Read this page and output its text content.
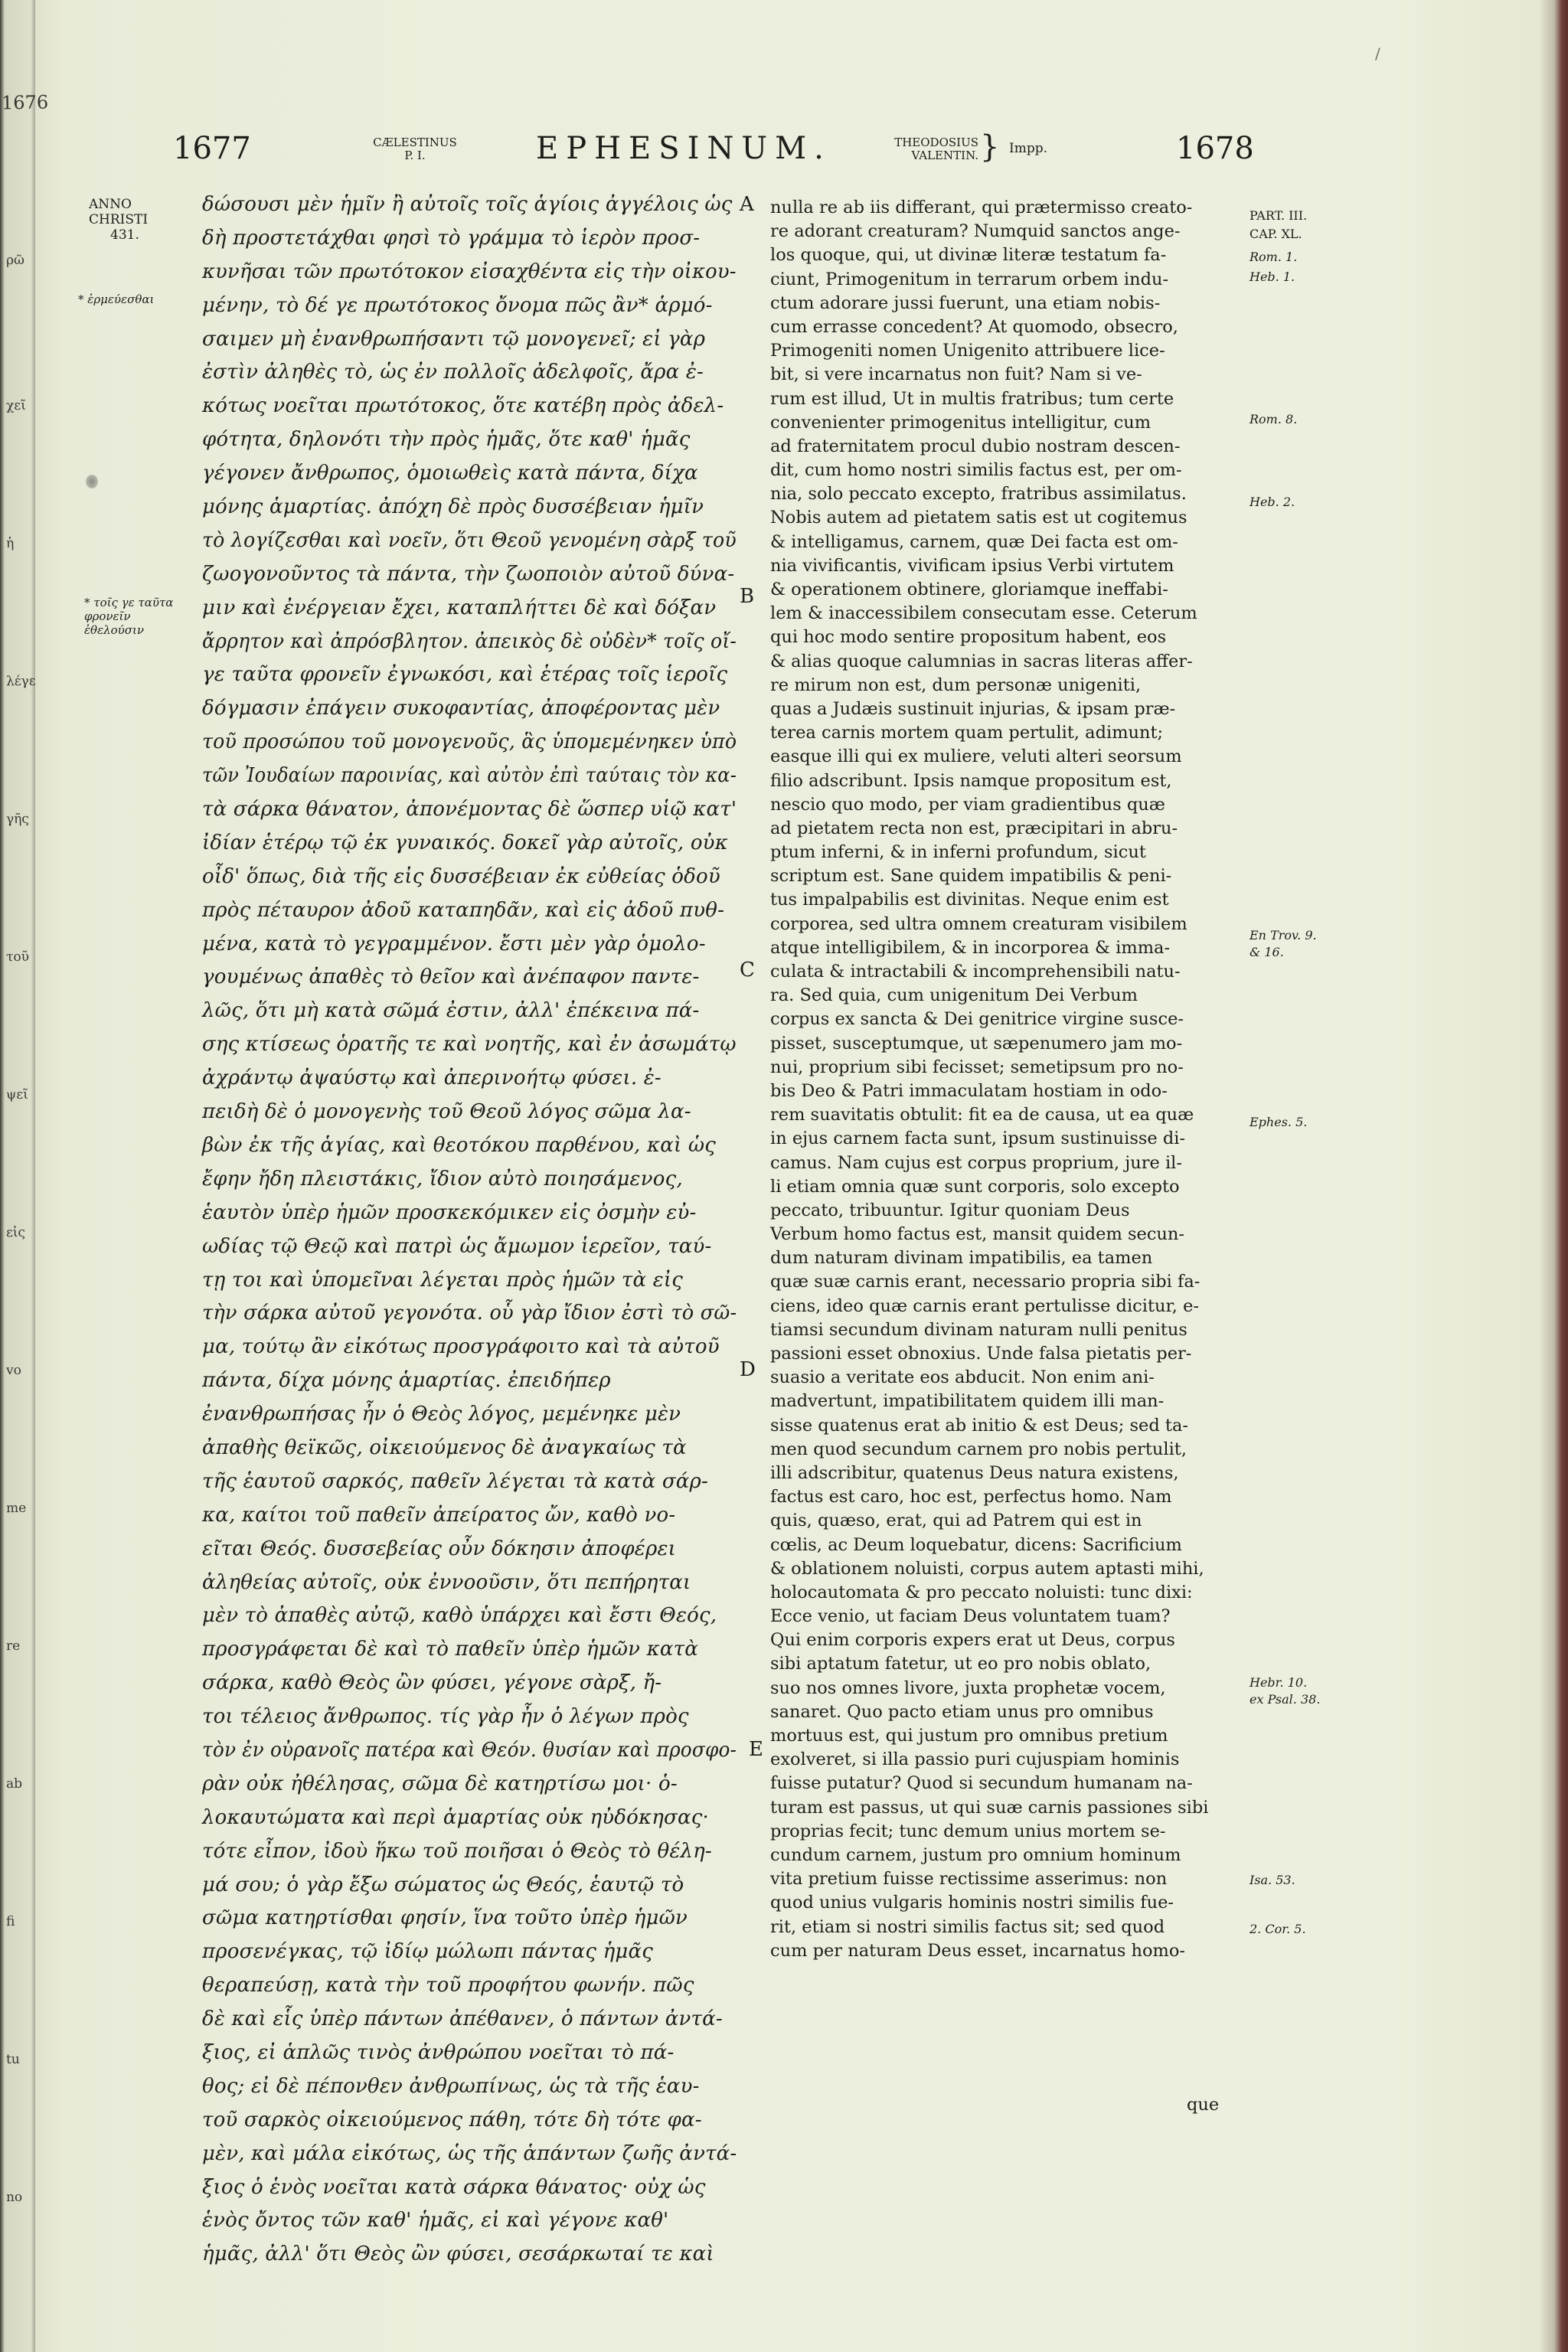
1676
ρῶ
χεῖ
ἡ
λέγε
γῆς
τοῦ
ψεῖ
εἰς
vo
me
re
ab
fi
tu
no
/
1677	CÆLESTINUS
P. I.	EPHESINUM.	THEODOSIUS
VALENTIN. } Impp.	1678
ANNO
CHRISTI
431.
* ἑρμεύεσθαι
* τοῖς γε ταῦτα φρονεῖν ἐθελούσιν
δώσουσι μὲν ἡμῖν ἢ αὐτοῖς τοῖς ἁγίοις ἀγγέλοις ὡς
δὴ προστετάχθαι φησὶ τὸ γράμμα τὸ ἱερὸν προσ-
κυνῆσαι τῶν πρωτότοκον εἰσαχθέντα εἰς τὴν οἰκου-
μένην, τὸ δέ γε πρωτότοκος ὄνομα πῶς ἂν* ἁρμό-
σαιμεν μὴ ἐνανθρωπήσαντι τῷ μονογενεῖ; εἰ γὰρ
ἐστὶν ἀληθὲς τὸ, ὡς ἐν πολλοῖς ἀδελφοῖς, ἄρα ἐ-
κότως νοεῖται πρωτότοκος, ὅτε κατέβη πρὸς ἀδελ-
φότητα, δηλονότι τὴν πρὸς ἡμᾶς, ὅτε καθ' ἡμᾶς
γέγονεν ἄνθρωπος, ὁμοιωθεὶς κατὰ πάντα, δίχα
μόνης ἁμαρτίας. ἀπόχη δὲ πρὸς δυσσέβειαν ἡμῖν
τὸ λογίζεσθαι καὶ νοεῖν, ὅτι Θεοῦ γενομένη σὰρξ τοῦ
ζωογονοῦντος τὰ πάντα, τὴν ζωοποιὸν αὐτοῦ δύνα-
μιν καὶ ἐνέργειαν ἔχει, καταπλήττει δὲ καὶ δόξαν
ἄρρητον καὶ ἀπρόσβλητον. ἀπεικὸς δὲ οὐδὲν* τοῖς οἴ-
γε ταῦτα φρονεῖν ἐγνωκόσι, καὶ ἑτέρας τοῖς ἱεροῖς
δόγμασιν ἐπάγειν συκοφαντίας, ἀποφέροντας μὲν
τοῦ προσώπου τοῦ μονογενοῦς, ἃς ὑπομεμένηκεν ὑπὸ
τῶν Ἰουδαίων παροινίας, καὶ αὐτὸν ἐπὶ ταύταις τὸν κα-
τὰ σάρκα θάνατον, ἀπονέμοντας δὲ ὥσπερ υἱῷ κατ'
ἰδίαν ἑτέρῳ τῷ ἐκ γυναικός. δοκεῖ γὰρ αὐτοῖς, οὐκ
οἶδ' ὅπως, διὰ τῆς εἰς δυσσέβειαν ἐκ εὐθείας ὁδοῦ
πρὸς πέταυρον ἀδοῦ καταπηδᾶν, καὶ εἰς ἀδοῦ πυθ-
μένα, κατὰ τὸ γεγραμμένον. ἔστι μὲν γὰρ ὁμολο-
γουμένως ἀπαθὲς τὸ θεῖον καὶ ἀνέπαφον παντε-
λῶς, ὅτι μὴ κατὰ σῶμά ἐστιν, ἀλλ' ἐπέκεινα πά-
σης κτίσεως ὁρατῆς τε καὶ νοητῆς, καὶ ἐν ἀσωμάτῳ
ἀχράντῳ ἀψαύστῳ καὶ ἀπερινοήτῳ φύσει. ἐ-
πειδὴ δὲ ὁ μονογενὴς τοῦ Θεοῦ λόγος σῶμα λα-
βὼν ἐκ τῆς ἁγίας, καὶ θεοτόκου παρθένου, καὶ ὡς
ἔφην ἤδη πλειστάκις, ἴδιον αὐτὸ ποιησάμενος,
ἑαυτὸν ὑπὲρ ἡμῶν προσκεκόμικεν εἰς ὀσμὴν εὐ-
ωδίας τῷ Θεῷ καὶ πατρὶ ὡς ἄμωμον ἱερεῖον, ταύ-
τῃ τοι καὶ ὑπομεῖναι λέγεται πρὸς ἡμῶν τὰ εἰς
τὴν σάρκα αὐτοῦ γεγονότα. οὗ γὰρ ἴδιον ἐστὶ τὸ σῶ-
μα, τούτῳ ἂν εἰκότως προσγράφοιτο καὶ τὰ αὐτοῦ
πάντα, δίχα μόνης ἁμαρτίας. ἐπειδήπερ
ἐνανθρωπήσας ἦν ὁ Θεὸς λόγος, μεμένηκε μὲν
ἀπαθὴς θεϊκῶς, οἰκειούμενος δὲ ἀναγκαίως τὰ
τῆς ἑαυτοῦ σαρκός, παθεῖν λέγεται τὰ κατὰ σάρ-
κα, καίτοι τοῦ παθεῖν ἀπείρατος ὤν, καθὸ νο-
εῖται Θεός. δυσσεβείας οὖν δόκησιν ἀποφέρει
ἀληθείας αὐτοῖς, οὐκ ἐννοοῦσιν, ὅτι πεπήρηται
μὲν τὸ ἀπαθὲς αὐτῷ, καθὸ ὑπάρχει καὶ ἔστι Θεός,
προσγράφεται δὲ καὶ τὸ παθεῖν ὑπὲρ ἡμῶν κατὰ
σάρκα, καθὸ Θεὸς ὢν φύσει, γέγονε σὰρξ, ἤ-
τοι τέλειος ἄνθρωπος. τίς γὰρ ἦν ὁ λέγων πρὸς
τὸν ἐν οὐρανοῖς πατέρα καὶ Θεόν. θυσίαν καὶ προσφο-
ρὰν οὐκ ἠθέλησας, σῶμα δὲ κατηρτίσω μοι· ὁ-
λοκαυτώματα καὶ περὶ ἁμαρτίας οὐκ ηὐδόκησας·
τότε εἶπον, ἰδοὺ ἥκω τοῦ ποιῆσαι ὁ Θεὸς τὸ θέλη-
μά σου; ὁ γὰρ ἔξω σώματος ὡς Θεός, ἑαυτῷ τὸ
σῶμα κατηρτίσθαι φησίν, ἵνα τοῦτο ὑπὲρ ἡμῶν
προσενέγκας, τῷ ἰδίῳ μώλωπι πάντας ἡμᾶς
θεραπεύσῃ, κατὰ τὴν τοῦ προφήτου φωνήν. πῶς
δὲ καὶ εἷς ὑπὲρ πάντων ἀπέθανεν, ὁ πάντων ἀντά-
ξιος, εἰ ἁπλῶς τινὸς ἀνθρώπου νοεῖται τὸ πά-
θος; εἰ δὲ πέπονθεν ἀνθρωπίνως, ὡς τὰ τῆς ἑαυ-
τοῦ σαρκὸς οἰκειούμενος πάθη, τότε δὴ τότε φα-
μὲν, καὶ μάλα εἰκότως, ὡς τῆς ἁπάντων ζωῆς ἀντά-
ξιος ὁ ἑνὸς νοεῖται κατὰ σάρκα θάνατος· οὐχ ὡς
ἑνὸς ὄντος τῶν καθ' ἡμᾶς, εἰ καὶ γέγονε καθ'
ἡμᾶς, ἀλλ' ὅτι Θεὸς ὢν φύσει, σεσάρκωταί τε καὶ
A
B
C
D
E
nulla re ab iis differant, qui prætermisso creato-
re adorant creaturam? Numquid sanctos ange-
los quoque, qui, ut divinæ literæ testatum fa-
ciunt, Primogenitum in terrarum orbem indu-
ctum adorare jussi fuerunt, una etiam nobis-
cum errasse concedent? At quomodo, obsecro,
Primogeniti nomen Unigenito attribuere lice-
bit, si vere incarnatus non fuit? Nam si ve-
rum est illud, Ut in multis fratribus; tum certe
convenienter primogenitus intelligitur, cum
ad fraternitatem procul dubio nostram descen-
dit, cum homo nostri similis factus est, per om-
nia, solo peccato excepto, fratribus assimilatus.
Nobis autem ad pietatem satis est ut cogitemus
& intelligamus, carnem, quæ Dei facta est om-
nia vivificantis, vivificam ipsius Verbi virtutem
& operationem obtinere, gloriamque ineffabi-
lem & inaccessibilem consecutam esse. Ceterum
qui hoc modo sentire propositum habent, eos
& alias quoque calumnias in sacras literas affer-
re mirum non est, dum personæ unigeniti,
quas a Judæis sustinuit injurias, & ipsam præ-
terea carnis mortem quam pertulit, adimunt;
easque illi qui ex muliere, veluti alteri seorsum
filio adscribunt. Ipsis namque propositum est,
nescio quo modo, per viam gradientibus quæ
ad pietatem recta non est, præcipitari in abru-
ptum inferni, & in inferni profundum, sicut
scriptum est. Sane quidem impatibilis & peni-
tus impalpabilis est divinitas. Neque enim est
corporea, sed ultra omnem creaturam visibilem
atque intelligibilem, & in incorporea & imma-
culata & intractabili & incomprehensibili natu-
ra. Sed quia, cum unigenitum Dei Verbum
corpus ex sancta & Dei genitrice virgine susce-
pisset, susceptumque, ut sæpenumero jam mo-
nui, proprium sibi fecisset; semetipsum pro no-
bis Deo & Patri immaculatam hostiam in odo-
rem suavitatis obtulit: fit ea de causa, ut ea quæ
in ejus carnem facta sunt, ipsum sustinuisse di-
camus. Nam cujus est corpus proprium, jure il-
li etiam omnia quæ sunt corporis, solo excepto
peccato, tribuuntur. Igitur quoniam Deus
Verbum homo factus est, mansit quidem secun-
dum naturam divinam impatibilis, ea tamen
quæ suæ carnis erant, necessario propria sibi fa-
ciens, ideo quæ carnis erant pertulisse dicitur, e-
tiamsi secundum divinam naturam nulli penitus
passioni esset obnoxius. Unde falsa pietatis per-
suasio a veritate eos abducit. Non enim ani-
madvertunt, impatibilitatem quidem illi man-
sisse quatenus erat ab initio & est Deus; sed ta-
men quod secundum carnem pro nobis pertulit,
illi adscribitur, quatenus Deus natura existens,
factus est caro, hoc est, perfectus homo. Nam
quis, quæso, erat, qui ad Patrem qui est in
cœlis, ac Deum loquebatur, dicens: Sacrificium
& oblationem noluisti, corpus autem aptasti mihi,
holocautomata & pro peccato noluisti: tunc dixi:
Ecce venio, ut faciam Deus voluntatem tuam?
Qui enim corporis expers erat ut Deus, corpus
sibi aptatum fatetur, ut eo pro nobis oblato,
suo nos omnes livore, juxta prophetæ vocem,
sanaret. Quo pacto etiam unus pro omnibus
mortuus est, qui justum pro omnibus pretium
exolveret, si illa passio puri cujuspiam hominis
fuisse putatur? Quod si secundum humanam na-
turam est passus, ut qui suæ carnis passiones sibi
proprias fecit; tunc demum unius mortem se-
cundum carnem, justum pro omnium hominum
vita pretium fuisse rectissime asserimus: non
quod unius vulgaris hominis nostri similis fue-
rit, etiam si nostri similis factus sit; sed quod
cum per naturam Deus esset, incarnatus homo-
que
PART. III.
CAP. XL.
Rom. 1.
Heb. 1.
Rom. 8.
Heb. 2.
En Trov. 9.
& 16.
Ephes. 5.
Hebr. 10.
ex Psal. 38.
Isa. 53.
2. Cor. 5.
